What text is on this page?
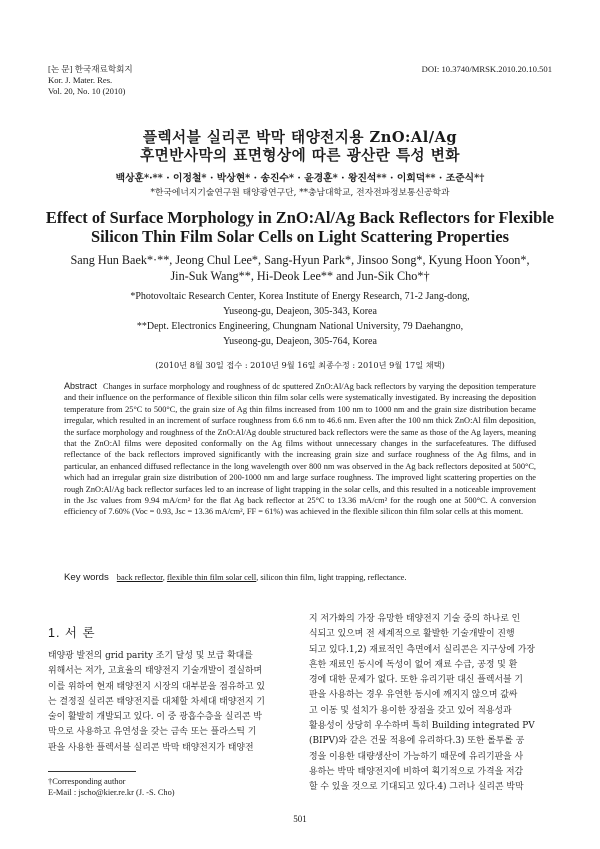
[논 문] 한국재료학회지
Kor. J. Mater. Res.
Vol. 20, No. 10 (2010)
DOI: 10.3740/MRSK.2010.20.10.501
플렉서블 실리콘 박막 태양전지용 ZnO:Al/Ag
후면반사막의 표면형상에 따른 광산란 특성 변화
백상훈*·** · 이정철* · 박상현* · 송진수* · 윤경훈* · 왕진석** · 이희덕** · 조준식*†
*한국에너지기술연구원 태양광연구단, **충남대학교, 전자전파정보통신공학과
Effect of Surface Morphology in ZnO:Al/Ag Back Reflectors for Flexible
Silicon Thin Film Solar Cells on Light Scattering Properties
Sang Hun Baek*·**, Jeong Chul Lee*, Sang-Hyun Park*, Jinsoo Song*, Kyung Hoon Yoon*,
Jin-Suk Wang**, Hi-Deok Lee** and Jun-Sik Cho*†
*Photovoltaic Research Center, Korea Institute of Energy Research, 71-2 Jang-dong,
Yuseong-gu, Deajeon, 305-343, Korea
**Dept. Electronics Engineering, Chungnam National University, 79 Daehangno,
Yuseong-gu, Deajeon, 305-764, Korea
(2010년 8월 30일 접수 : 2010년 9월 16일 최종수정 : 2010년 9월 17일 채택)
Abstract Changes in surface morphology and roughness of dc sputtered ZnO:Al/Ag back reflectors by varying the deposition temperature and their influence on the performance of flexible silicon thin film solar cells were systematically investigated. By increasing the deposition temperature from 25°C to 500°C, the grain size of Ag thin films increased from 100 nm to 1000 nm and the grain size distribution became irregular, which resulted in an increment of surface roughness from 6.6 nm to 46.6 nm. Even after the 100 nm thick ZnO:Al film deposition, the surface morphology and roughness of the ZnO:Al/Ag double structured back reflectors were the same as those of the Ag layers, meaning that the ZnO:Al films were deposited conformally on the Ag films without unnecessary changes in the surfacefeatures. The diffused reflectance of the back reflectors improved significantly with the increasing grain size and surface roughness of the Ag films, and in particular, an enhanced diffused reflectance in the long wavelength over 800 nm was observed in the Ag back reflectors deposited at 500°C, which had an irregular grain size distribution of 200-1000 nm and large surface roughness. The improved light scattering properties on the rough ZnO:Al/Ag back reflector surfaces led to an increase of light trapping in the solar cells, and this resulted in a noticeable improvement in the Jsc values from 9.94 mA/cm² for the flat Ag back reflector at 25°C to 13.36 mA/cm² for the rough one at 500°C. A conversion efficiency of 7.60% (Voc = 0.93, Jsc = 13.36 mA/cm², FF = 61%) was achieved in the flexible silicon thin film solar cells at this moment.
Key words back reflector, flexible thin film solar cell, silicon thin film, light trapping, reflectance.
1. 서 론
태양광 발전의 grid parity 조기 달성 및 보급 확대를
위해서는 저가, 고효율의 태양전지 기술개발이 절실하며
이를 위하여 현재 태양전지 시장의 대부분을 점유하고 있
는 결정질 실리콘 태양전지를 대체할 차세대 태양전지 기
술이 활발히 개발되고 있다. 이 중 광흡수층을 실리콘 박
막으로 사용하고 유연성을 갖는 금속 또는 플라스틱 기
판을 사용한 플렉서블 실리콘 박막 태양전지가 태양전
지 저가화의 가장 유망한 태양전지 기술 중의 하나로 인
식되고 있으며 전 세계적으로 활발한 기술개발이 진행
되고 있다.1,2) 재료적인 측면에서 실리콘은 지구상에 가장
흔한 재료인 동시에 독성이 없어 재료 수급, 공정 및 환
경에 대한 문제가 없다. 또한 유리기판 대신 플렉서블 기
판을 사용하는 경우 유연한 동시에 깨지지 않으며 값싸
고 이동 및 설치가 용이한 장점을 갖고 있어 적용성과
활용성이 상당히 우수하며 특히 Building integrated PV
(BIPV)와 같은 건물 적용에 유리하다.3) 또한 롤투롤 공
정을 이용한 대량생산이 가능하기 때문에 유리기판을 사
용하는 박막 태양전지에 비하여 획기적으로 가격을 저감
할 수 있을 것으로 기대되고 있다.4) 그러나 실리콘 박막
†Corresponding author
E-Mail : jscho@kier.re.kr (J. -S. Cho)
501
